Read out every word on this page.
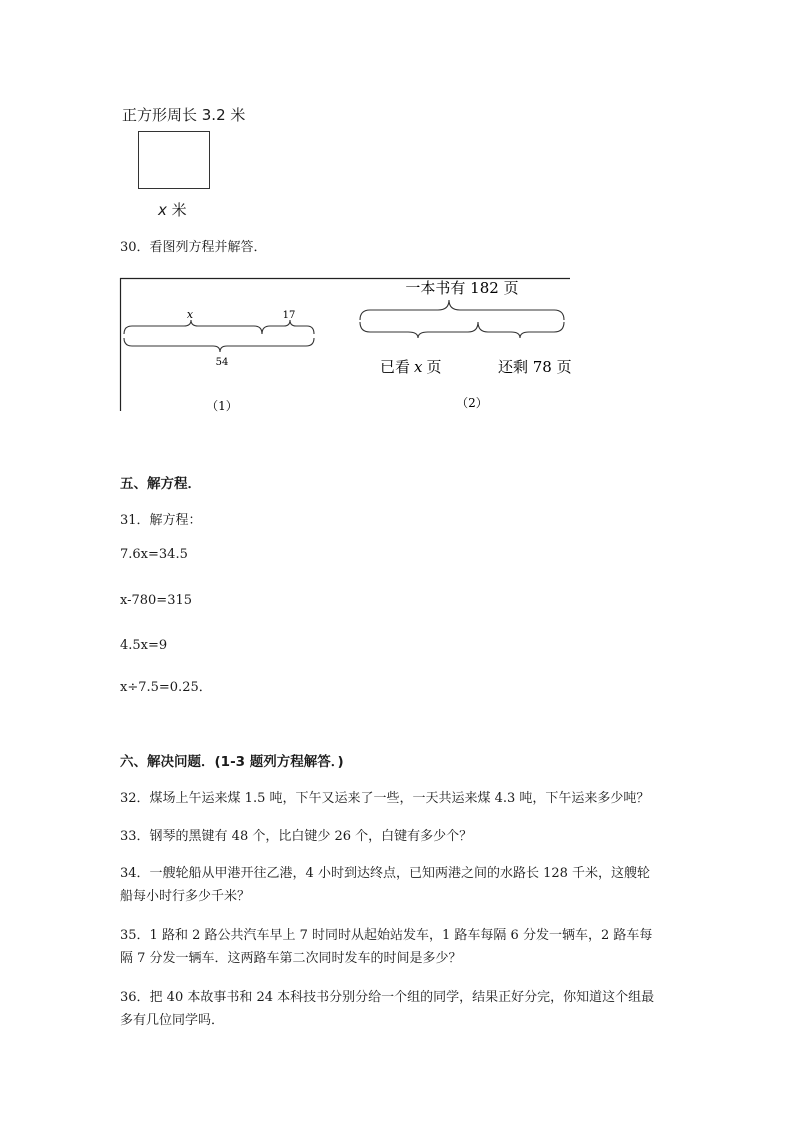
正方形周长 3.2 米
x 米
30．看图列方程并解答．
x	17
54
（1）
一本书有 182 页
已看 x 页	还剩 78 页
（2）
五、解方程．
31．解方程：
7.6x=34.5
x-780=315
4.5x=9
x÷7.5=0.25．
六、解决问题．(1-3 题列方程解答．)
32．煤场上午运来煤 1.5 吨，下午又运来了一些，一天共运来煤 4.3 吨，下午运来多少吨？
33．钢琴的黑键有 48 个，比白键少 26 个，白键有多少个？
34．一艘轮船从甲港开往乙港，4 小时到达终点，已知两港之间的水路长 128 千米，这艘轮
船每小时行多少千米？
35．1 路和 2 路公共汽车早上 7 时同时从起始站发车，1 路车每隔 6 分发一辆车，2 路车每
隔 7 分发一辆车．这两路车第二次同时发车的时间是多少？
36．把 40 本故事书和 24 本科技书分别分给一个组的同学，结果正好分完，你知道这个组最
多有几位同学吗．
